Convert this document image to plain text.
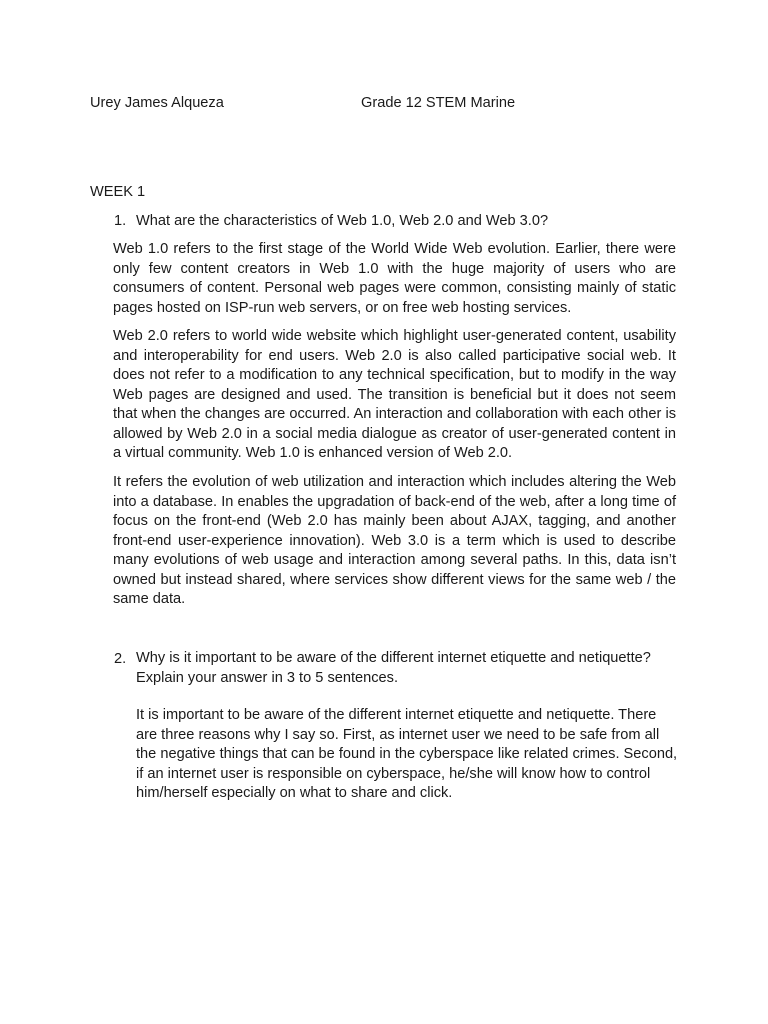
Urey James Alqueza	Grade 12 STEM Marine
WEEK 1
1. What are the characteristics of Web 1.0, Web 2.0 and Web 3.0?

Web 1.0 refers to the first stage of the World Wide Web evolution. Earlier, there were only few content creators in Web 1.0 with the huge majority of users who are consumers of content. Personal web pages were common, consisting mainly of static pages hosted on ISP-run web servers, or on free web hosting services.

Web 2.0 refers to world wide website which highlight user-generated content, usability and interoperability for end users. Web 2.0 is also called participative social web. It does not refer to a modification to any technical specification, but to modify in the way Web pages are designed and used. The transition is beneficial but it does not seem that when the changes are occurred. An interaction and collaboration with each other is allowed by Web 2.0 in a social media dialogue as creator of user-generated content in a virtual community. Web 1.0 is enhanced version of Web 2.0.

It refers the evolution of web utilization and interaction which includes altering the Web into a database. In enables the upgradation of back-end of the web, after a long time of focus on the front-end (Web 2.0 has mainly been about AJAX, tagging, and another front-end user-experience innovation). Web 3.0 is a term which is used to describe many evolutions of web usage and interaction among several paths. In this, data isn’t owned but instead shared, where services show different views for the same web / the same data.

2. Why is it important to be aware of the different internet etiquette and netiquette? Explain your answer in 3 to 5 sentences.

It is important to be aware of the different internet etiquette and netiquette. There are three reasons why I say so. First, as internet user we need to be safe from all the negative things that can be found in the cyberspace like related crimes. Second, if an internet user is responsible on cyberspace, he/she will know how to control him/herself especially on what to share and click.
